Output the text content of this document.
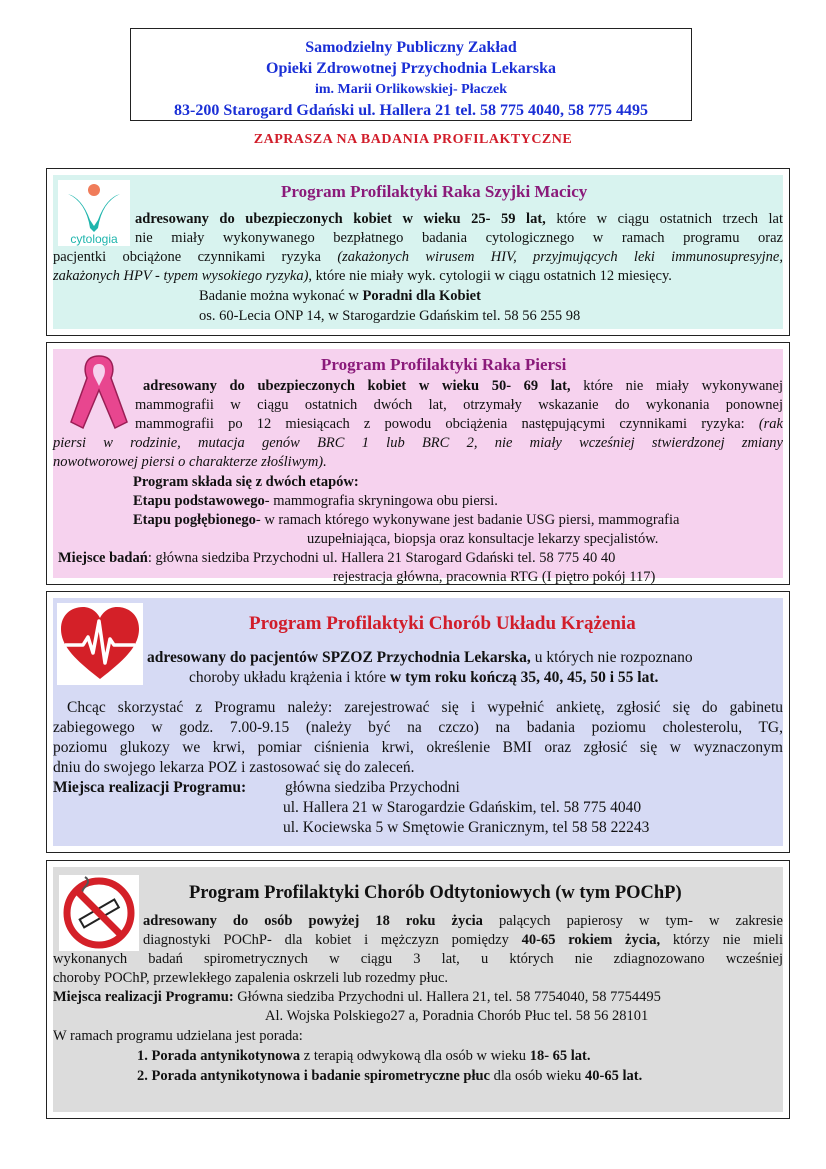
Samodzielny Publiczny Zakład
Opieki Zdrowotnej Przychodnia Lekarska
im. Marii Orlikowskiej- Płaczek
83-200 Starogard Gdański ul. Hallera 21 tel. 58 775 4040, 58 775 4495
ZAPRASZA NA BADANIA PROFILAKTYCZNE
cytologia
Program Profilaktyki Raka Szyjki Macicy
adresowany do ubezpieczonych kobiet w wieku 25- 59 lat, które w ciągu ostatnich trzech lat
nie miały wykonywanego bezpłatnego badania cytologicznego w ramach programu oraz
pacjentki obciążone czynnikami ryzyka (zakażonych wirusem HIV, przyjmujących leki immunosupresyjne,
zakażonych HPV - typem wysokiego ryzyka), które nie miały wyk. cytologii w ciągu ostatnich 12 miesięcy.
Badanie można wykonać w Poradni dla Kobiet
os. 60-Lecia ONP 14, w Starogardzie Gdańskim tel. 58 56 255 98
Program Profilaktyki Raka Piersi
adresowany do ubezpieczonych kobiet w wieku 50- 69 lat, które nie miały wykonywanej
mammografii w ciągu ostatnich dwóch lat, otrzymały wskazanie do wykonania ponownej
mammografii po 12 miesiącach z powodu obciążenia następującymi czynnikami ryzyka: (rak
piersi w rodzinie, mutacja genów BRC 1 lub BRC 2, nie miały wcześniej stwierdzonej zmiany
nowotworowej piersi o charakterze złośliwym).
Program składa się z dwóch etapów:
Etapu podstawowego- mammografia skryningowa obu piersi.
Etapu pogłębionego- w ramach którego wykonywane jest badanie USG piersi, mammografia
uzupełniająca, biopsja oraz konsultacje lekarzy specjalistów.
Miejsce badań: główna siedziba Przychodni ul. Hallera 21 Starogard Gdański tel. 58 775 40 40
rejestracja główna, pracownia RTG (I piętro pokój 117)
Program Profilaktyki Chorób Układu Krążenia
adresowany do pacjentów SPZOZ Przychodnia Lekarska, u których nie rozpoznano
choroby układu krążenia i które w tym roku kończą 35, 40, 45, 50 i 55 lat.
Chcąc skorzystać z Programu należy: zarejestrować się i wypełnić ankietę, zgłosić się do gabinetu
zabiegowego w godz. 7.00-9.15 (należy być na czczo) na badania poziomu cholesterolu, TG,
poziomu glukozy we krwi, pomiar ciśnienia krwi, określenie BMI oraz zgłosić się w wyznaczonym
dniu do swojego lekarza POZ i zastosować się do zaleceń.
Miejsca realizacji Programu:	główna siedziba Przychodni
ul. Hallera 21 w Starogardzie Gdańskim, tel. 58 775 4040
ul. Kociewska 5 w Smętowie Granicznym, tel 58 58 22243
Program Profilaktyki Chorób Odtytoniowych (w tym POChP)
adresowany do osób powyżej 18 roku życia palących papierosy w tym- w zakresie
diagnostyki POChP- dla kobiet i mężczyzn pomiędzy 40-65 rokiem życia, którzy nie mieli
wykonanych badań spirometrycznych w ciągu 3 lat, u których nie zdiagnozowano wcześniej
choroby POChP, przewlekłego zapalenia oskrzeli lub rozedmy płuc.
Miejsca realizacji Programu: Główna siedziba Przychodni ul. Hallera 21, tel. 58 7754040, 58 7754495
Al. Wojska Polskiego27 a, Poradnia Chorób Płuc tel. 58 56 28101
W ramach programu udzielana jest porada:
1. Porada antynikotynowa z terapią odwykową dla osób w wieku 18- 65 lat.
2. Porada antynikotynowa i badanie spirometryczne płuc dla osób wieku 40-65 lat.
